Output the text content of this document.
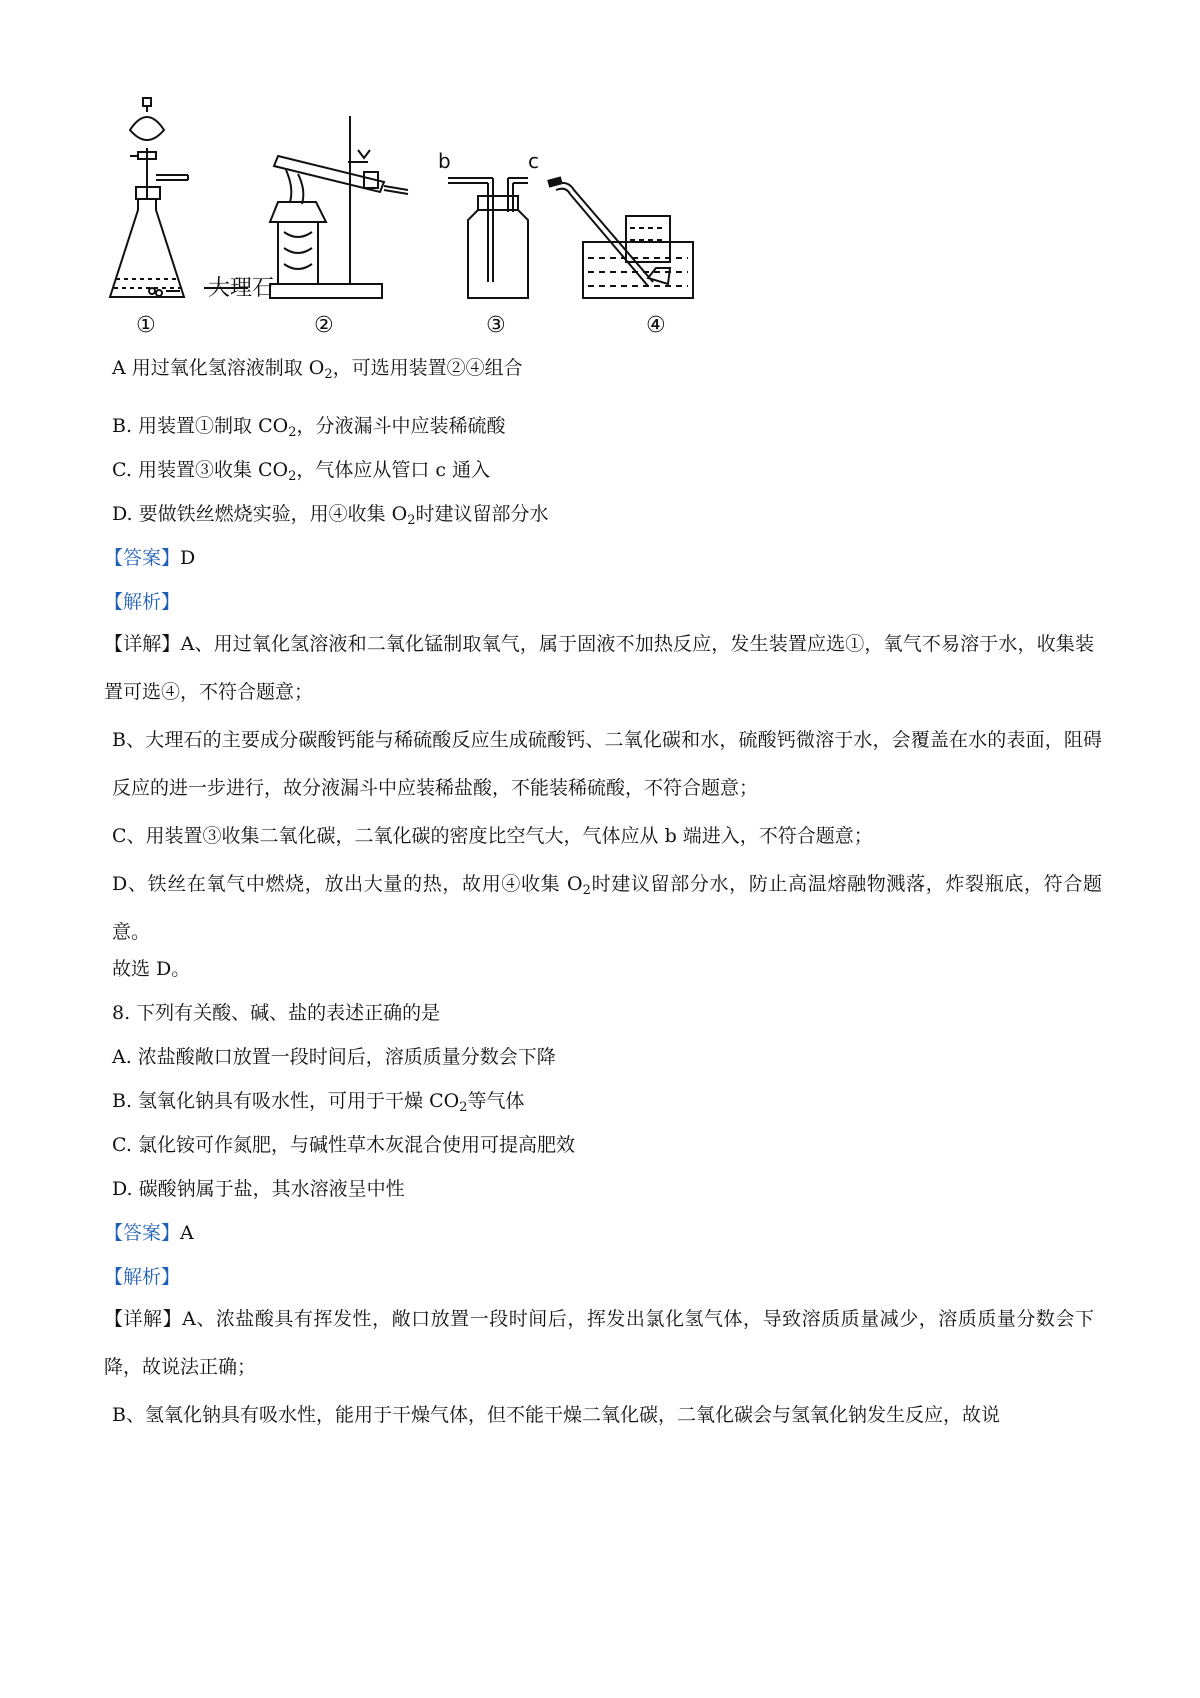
大理石
b	c
①	②	③	④
A 用过氧化氢溶液制取 $O_2$，可选用装置②④组合
B. 用装置①制取 $CO_2$，分液漏斗中应装稀硫酸
C. 用装置③收集 $CO_2$，气体应从管口 c 通入
D. 要做铁丝燃烧实验，用④收集 $O_2$时建议留部分水
【答案】D
【解析】
【详解】A、用过氧化氢溶液和二氧化锰制取氧气，属于固液不加热反应，发生装置应选①，氧气不易溶于水，收集装置可选④，不符合题意；
B、大理石的主要成分碳酸钙能与稀硫酸反应生成硫酸钙、二氧化碳和水，硫酸钙微溶于水，会覆盖在水的表面，阻碍反应的进一步进行，故分液漏斗中应装稀盐酸，不能装稀硫酸，不符合题意；
C、用装置③收集二氧化碳，二氧化碳的密度比空气大，气体应从 b 端进入，不符合题意；
D、铁丝在氧气中燃烧，放出大量的热，故用④收集 $O_2$时建议留部分水，防止高温熔融物溅落，炸裂瓶底，符合题意。
故选 D。
8. 下列有关酸、碱、盐的表述正确的是
A. 浓盐酸敞口放置一段时间后，溶质质量分数会下降
B. 氢氧化钠具有吸水性，可用于干燥 $CO_2$等气体
C. 氯化铵可作氮肥，与碱性草木灰混合使用可提高肥效
D. 碳酸钠属于盐，其水溶液呈中性
【答案】A
【解析】
【详解】A、浓盐酸具有挥发性，敞口放置一段时间后，挥发出氯化氢气体，导致溶质质量减少，溶质质量分数会下降，故说法正确；
B、氢氧化钠具有吸水性，能用于干燥气体，但不能干燥二氧化碳，二氧化碳会与氢氧化钠发生反应，故说
